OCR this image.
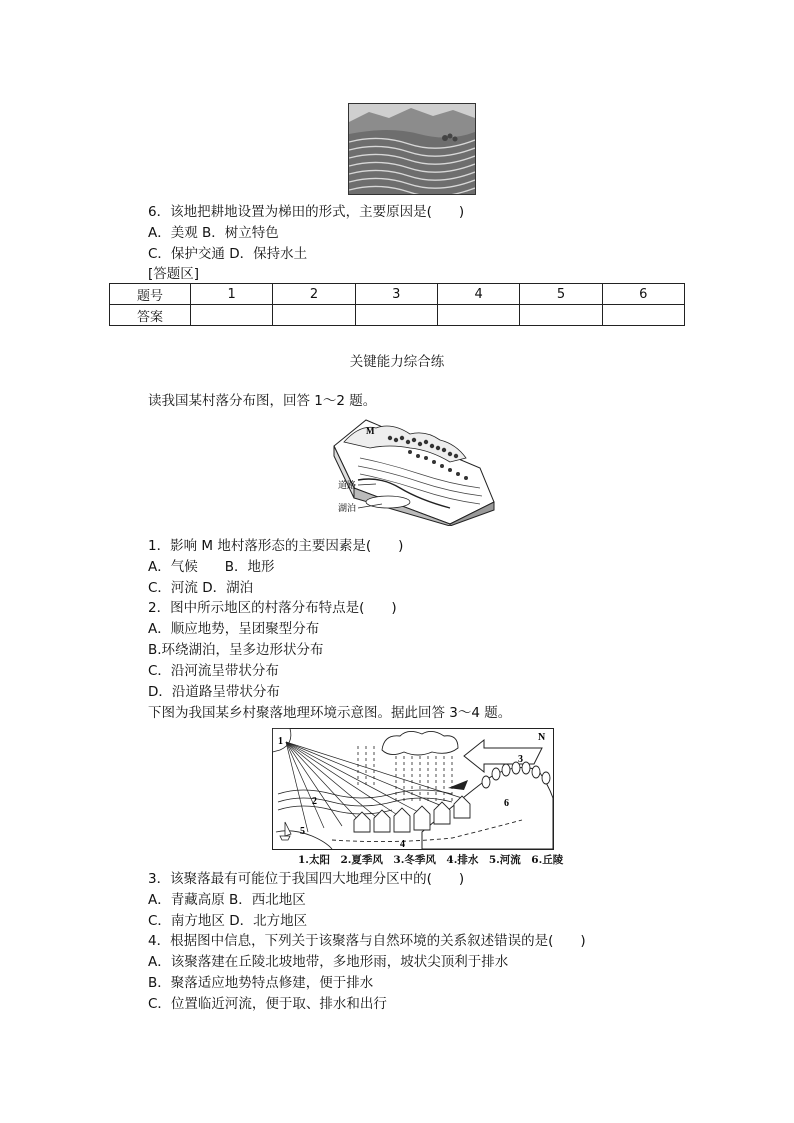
6．该地把耕地设置为梯田的形式，主要原因是(　　)
A．美观 B．树立特色
C．保护交通 D．保持水土
[答题区]
题号	1	2	3	4	5	6
答案						
关键能力综合练
读我国某村落分布图，回答 1～2 题。
M
道路
湖泊
1．影响 M 地村落形态的主要因素是(　　)
A．气候　　B．地形
C．河流 D．湖泊
2．图中所示地区的村落分布特点是(　　)
A．顺应地势，呈团聚型分布
B.环绕湖泊，呈多边形状分布
C．沿河流呈带状分布
D．沿道路呈带状分布
下图为我国某乡村聚落地理环境示意图。据此回答 3～4 题。
1
2
3
4
5
6
N
1.太阳　2.夏季风　3.冬季风　4.排水　5.河流　6.丘陵
3．该聚落最有可能位于我国四大地理分区中的(　　)
A．青藏高原 B．西北地区
C．南方地区 D．北方地区
4．根据图中信息，下列关于该聚落与自然环境的关系叙述错误的是(　　)
A．该聚落建在丘陵北坡地带，多地形雨，坡状尖顶利于排水
B．聚落适应地势特点修建，便于排水
C．位置临近河流，便于取、排水和出行
